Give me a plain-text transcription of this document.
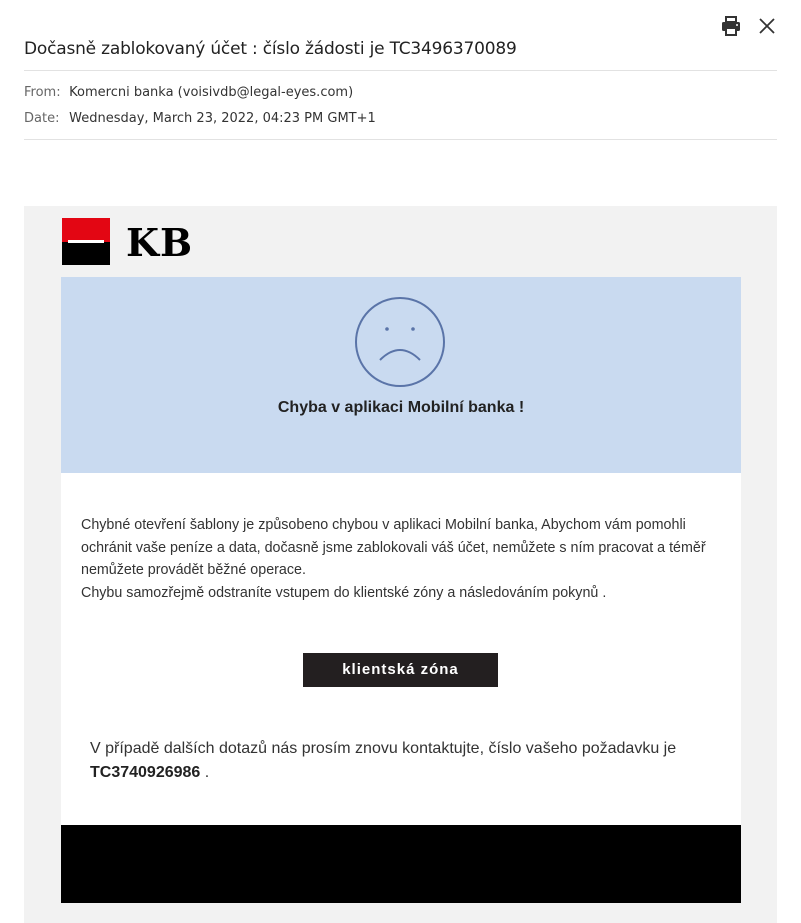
Dočasně zablokovaný účet : číslo žádosti je TC3496370089
From: Komercni banka (voisivdb@legal-eyes.com)
Date: Wednesday, March 23, 2022, 04:23 PM GMT+1
KB
Chyba v aplikaci Mobilní banka !

Chybné otevření šablony je způsobeno chybou v aplikaci Mobilní banka, Abychom vám pomohli ochránit vaše peníze a data, dočasně jsme zablokovali váš účet, nemůžete s ním pracovat a téměř nemůžete provádět běžné operace.

Chybu samozřejmě odstraníte vstupem do klientské zóny a následováním pokynů .

klientská zóna
V případě dalších dotazů nás prosím znovu kontaktujte, číslo vašeho požadavku je TC3740926986 .
